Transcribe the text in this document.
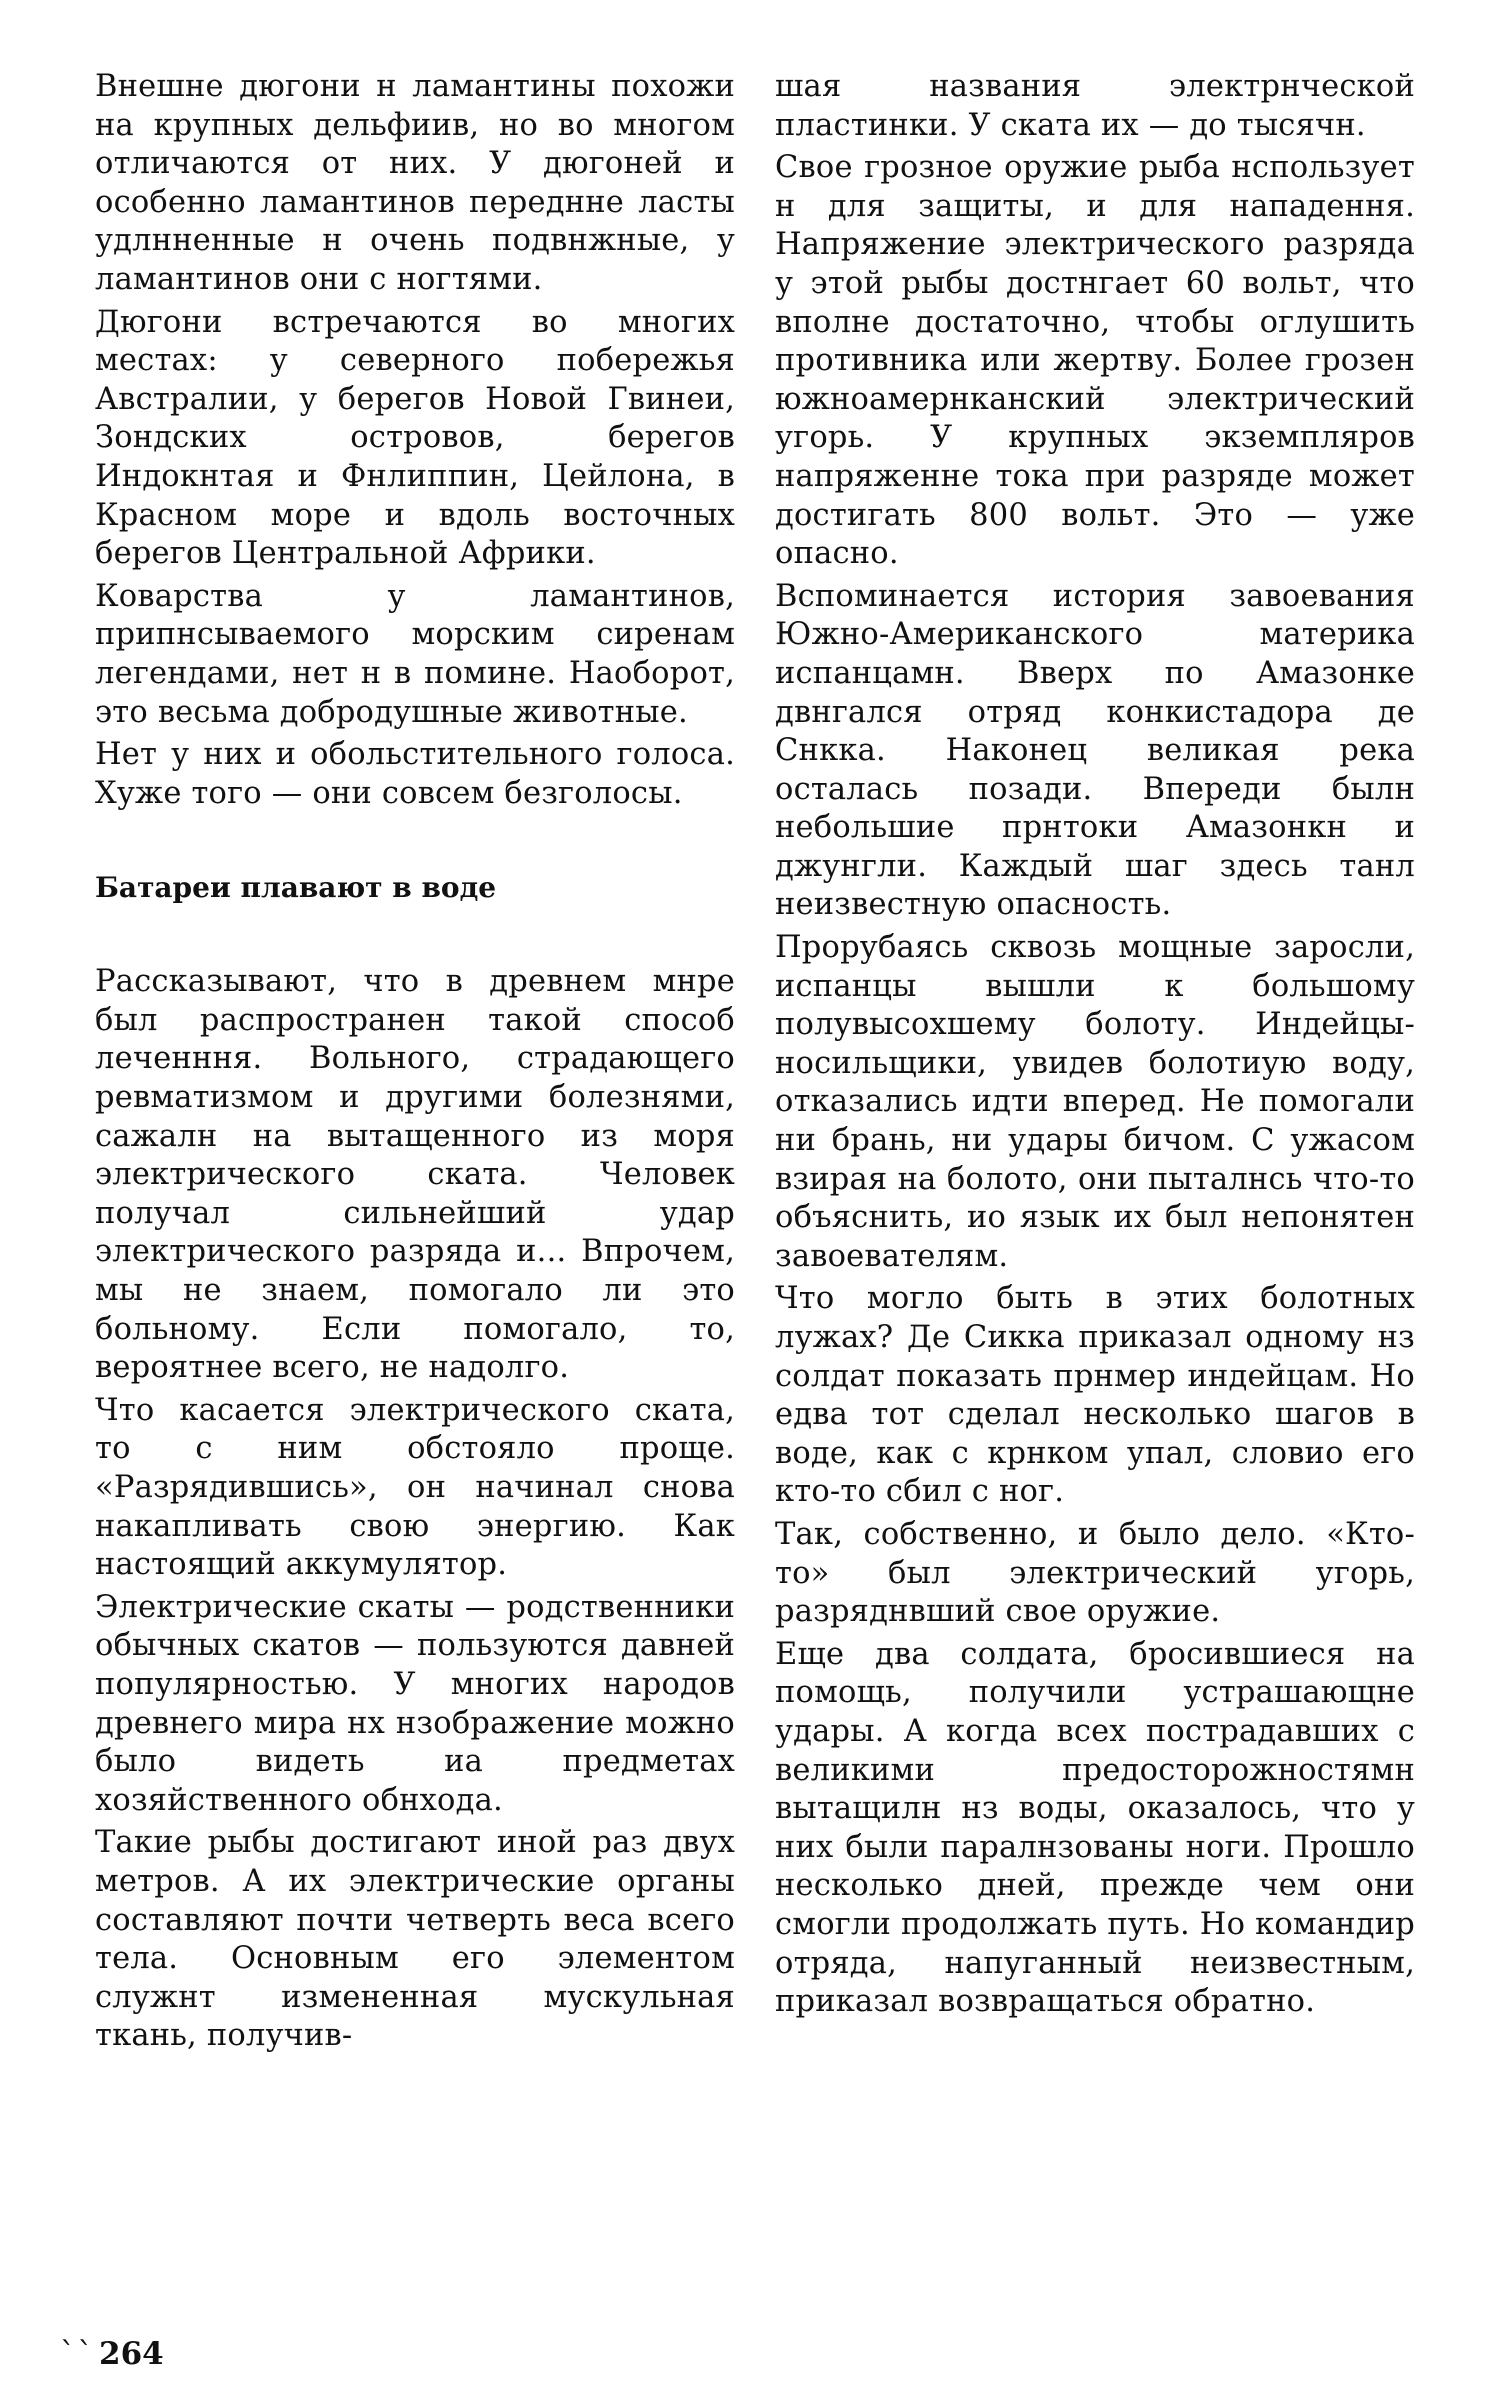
Внешне дюгони н ламантины похожи на крупных дельфиив, но во многом отличаются от них. У дюгоней и особенно ламантинов переднне ласты удлнненные н очень подвнжные, у ламантинов они с ногтями.

Дюгони встречаются во многих местах: у северного побережья Австралии, у берегов Новой Гвинеи, Зондских островов, берегов Индокнтая и Фнлиппин, Цейлона, в Красном море и вдоль восточных берегов Центральной Африки.

Коварства у ламантинов, припнсываемого морским сиренам легендами, нет н в помине. Наоборот, это весьма добродушные животные.

Нет у них и обольстительного голоса. Хуже того — они совсем безголосы.

Батареи плавают в воде

Рассказывают, что в древнем мнре был распространен такой способ леченння. Вольного, страдающего ревматизмом и другими болезнями, сажалн на вытащенного из моря электрического ската. Человек получал сильнейший удар электрического разряда и... Впрочем, мы не знаем, помогало ли это больному. Если помогало, то, вероятнее всего, не надолго.

Что касается электрического ската, то с ним обстояло проще. «Разрядившись», он начинал снова накапливать свою энергию. Как настоящий аккумулятор.

Электрические скаты — родственники обычных скатов — пользуются давней популярностью. У многих народов древнего мира нх нзображение можно было видеть иа предметах хозяйственного обнхода.

Такие рыбы достигают иной раз двух метров. А их электрические органы составляют почти четверть веса всего тела. Основным его элементом служнт измененная мускульная ткань, получив-

шая названия электрнческой пластинки. У ската их — до тысячн.

Свое грозное оружие рыба нспользует н для защиты, и для нападення. Напряжение электрического разряда у этой рыбы достнгает 60 вольт, что вполне достаточно, чтобы оглушить противника или жертву. Более грозен южноамернканский электрический угорь. У крупных экземпляров напряженне тока при разряде может достигать 800 вольт. Это — уже опасно.

Вспоминается история завоевания Южно-Американского материка испанцамн. Вверх по Амазонке двнгался отряд конкистадора де Снкка. Наконец великая река осталась позади. Впереди былн небольшие прнтоки Амазонкн и джунгли. Каждый шаг здесь танл неизвестную опасность.

Прорубаясь сквозь мощные заросли, испанцы вышли к большому полувысохшему болоту. Индейцы-носильщики, увидев болотиую воду, отказались идти вперед. Не помогали ни брань, ни удары бичом. С ужасом взирая на болото, они пыталнсь что-то объяснить, ио язык их был непонятен завоевателям.

Что могло быть в этих болотных лужах? Де Сикка приказал одному нз солдат показать прнмер индейцам. Но едва тот сделал несколько шагов в воде, как с крнком упал, словио его кто-то сбил с ног.

Так, собственно, и было дело. «Кто-то» был электрический угорь, разряднвший свое оружие.

Еще два солдата, бросившиеся на помощь, получили устрашающне удары. А когда всех пострадавших с великими предосторожностямн вытащилн нз воды, оказалось, что у них были паралнзованы ноги. Прошло несколько дней, прежде чем они смогли продолжать путь. Но командир отряда, напуганный неизвестным, приказал возвращаться обратно.

`` 264
